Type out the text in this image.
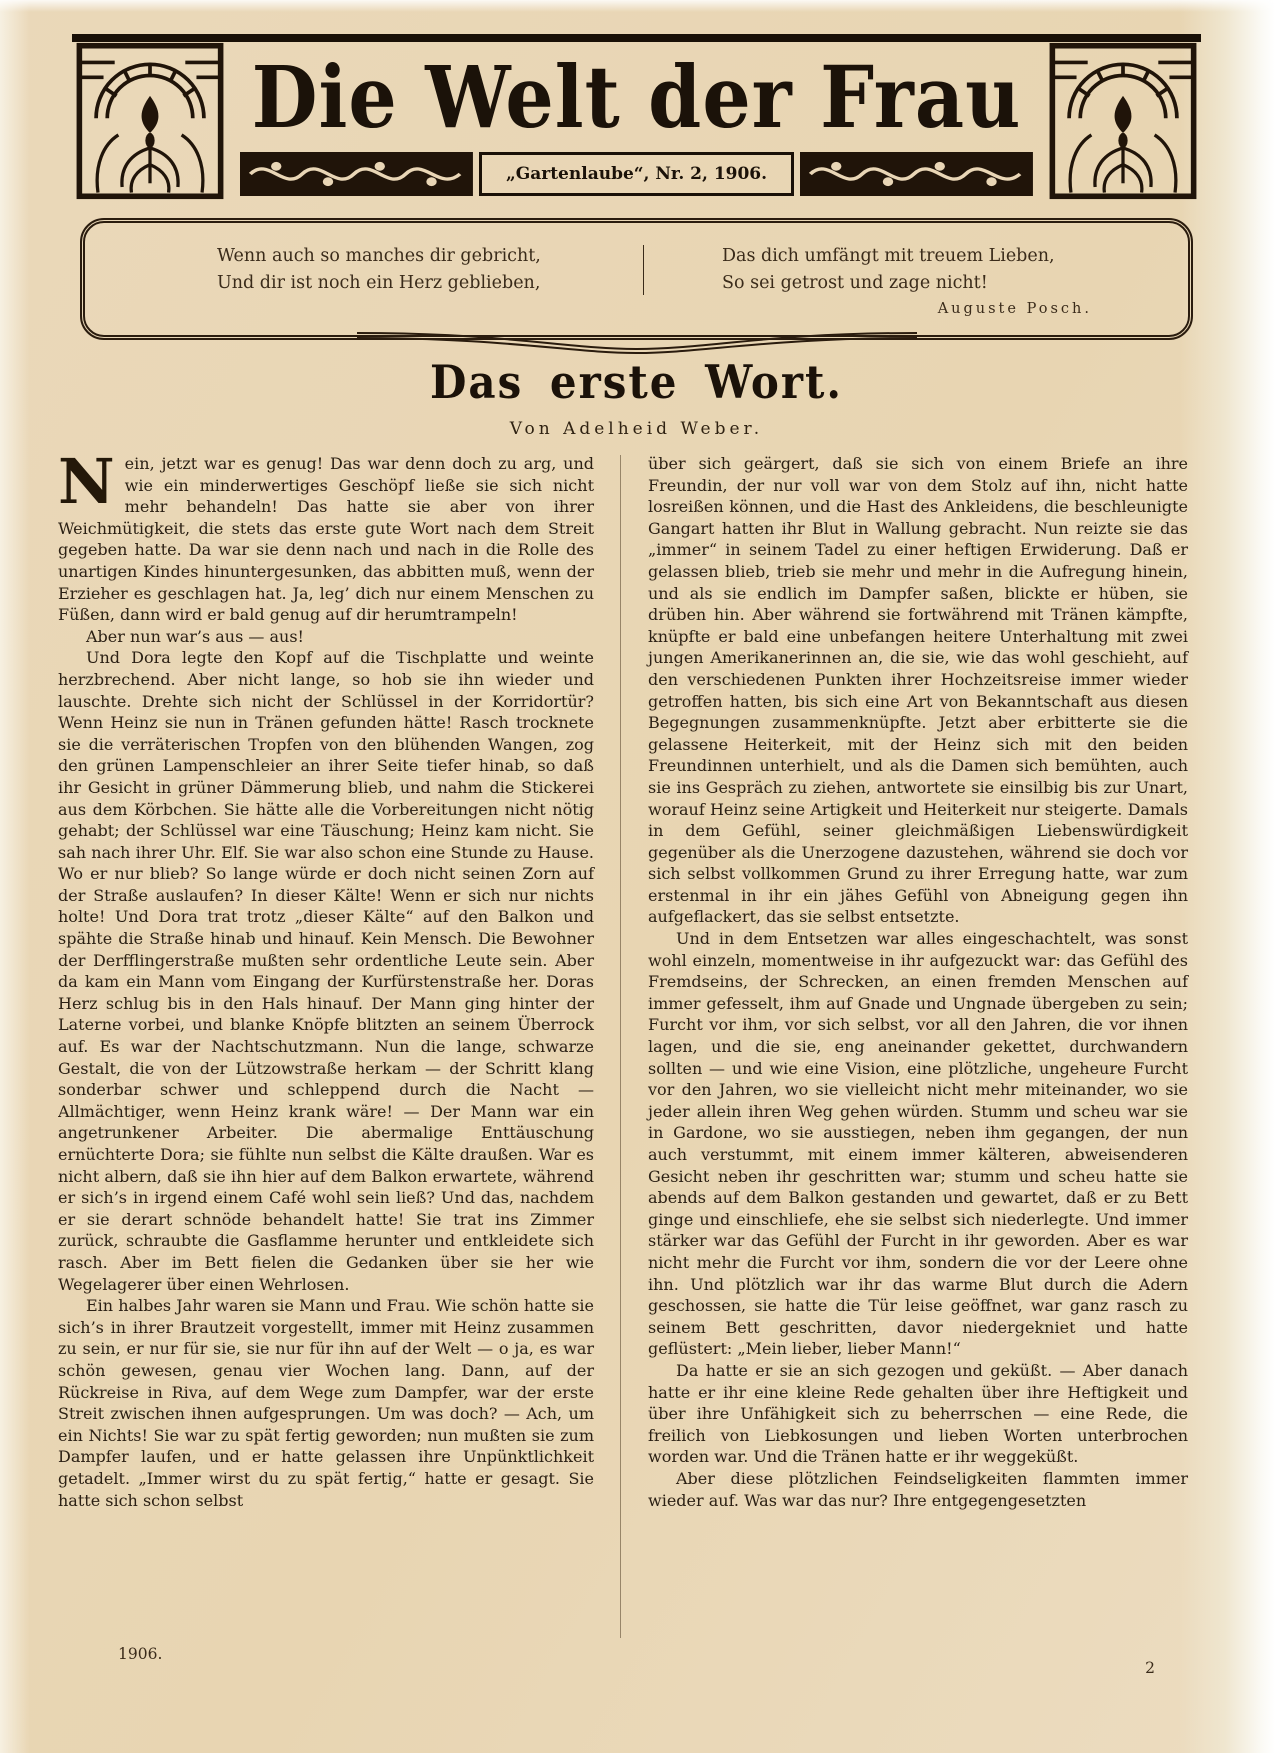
Die Welt der Frau
„Gartenlaube“, Nr. 2, 1906.
Wenn auch so manches dir gebricht,
Und dir ist noch ein Herz geblieben,
Das dich umfängt mit treuem Lieben,
So sei getrost und zage nicht!
Auguste Posch.
Das erste Wort.
Von Adelheid Weber.

Nein, jetzt war es genug! Das war denn doch zu arg, und wie ein minderwertiges Geschöpf ließe sie sich nicht mehr behandeln! Das hatte sie aber von ihrer Weichmütigkeit, die stets das erste gute Wort nach dem Streit gegeben hatte. Da war sie denn nach und nach in die Rolle des unartigen Kindes hinuntergesunken, das abbitten muß, wenn der Erzieher es geschlagen hat. Ja, leg’ dich nur einem Menschen zu Füßen, dann wird er bald genug auf dir herumtrampeln!

Aber nun war’s aus — aus!

Und Dora legte den Kopf auf die Tischplatte und weinte herzbrechend. Aber nicht lange, so hob sie ihn wieder und lauschte. Drehte sich nicht der Schlüssel in der Korridortür? Wenn Heinz sie nun in Tränen gefunden hätte! Rasch trocknete sie die verräterischen Tropfen von den blühenden Wangen, zog den grünen Lampenschleier an ihrer Seite tiefer hinab, so daß ihr Gesicht in grüner Dämmerung blieb, und nahm die Stickerei aus dem Körbchen. Sie hätte alle die Vorbereitungen nicht nötig gehabt; der Schlüssel war eine Täuschung; Heinz kam nicht. Sie sah nach ihrer Uhr. Elf. Sie war also schon eine Stunde zu Hause. Wo er nur blieb? So lange würde er doch nicht seinen Zorn auf der Straße auslaufen? In dieser Kälte! Wenn er sich nur nichts holte! Und Dora trat trotz „dieser Kälte“ auf den Balkon und spähte die Straße hinab und hinauf. Kein Mensch. Die Bewohner der Derfflingerstraße mußten sehr ordentliche Leute sein. Aber da kam ein Mann vom Eingang der Kurfürstenstraße her. Doras Herz schlug bis in den Hals hinauf. Der Mann ging hinter der Laterne vorbei, und blanke Knöpfe blitzten an seinem Überrock auf. Es war der Nachtschutzmann. Nun die lange, schwarze Gestalt, die von der Lützowstraße herkam — der Schritt klang sonderbar schwer und schleppend durch die Nacht — Allmächtiger, wenn Heinz krank wäre! — Der Mann war ein angetrunkener Arbeiter. Die abermalige Enttäuschung ernüchterte Dora; sie fühlte nun selbst die Kälte draußen. War es nicht albern, daß sie ihn hier auf dem Balkon erwartete, während er sich’s in irgend einem Café wohl sein ließ? Und das, nachdem er sie derart schnöde behandelt hatte! Sie trat ins Zimmer zurück, schraubte die Gasflamme herunter und entkleidete sich rasch. Aber im Bett fielen die Gedanken über sie her wie Wegelagerer über einen Wehrlosen.

Ein halbes Jahr waren sie Mann und Frau. Wie schön hatte sie sich’s in ihrer Brautzeit vorgestellt, immer mit Heinz zusammen zu sein, er nur für sie, sie nur für ihn auf der Welt — o ja, es war schön gewesen, genau vier Wochen lang. Dann, auf der Rückreise in Riva, auf dem Wege zum Dampfer, war der erste Streit zwischen ihnen aufgesprungen. Um was doch? — Ach, um ein Nichts! Sie war zu spät fertig geworden; nun mußten sie zum Dampfer laufen, und er hatte gelassen ihre Unpünktlichkeit getadelt. „Immer wirst du zu spät fertig,“ hatte er gesagt. Sie hatte sich schon selbst

über sich geärgert, daß sie sich von einem Briefe an ihre Freundin, der nur voll war von dem Stolz auf ihn, nicht hatte losreißen können, und die Hast des Ankleidens, die beschleunigte Gangart hatten ihr Blut in Wallung gebracht. Nun reizte sie das „immer“ in seinem Tadel zu einer heftigen Erwiderung. Daß er gelassen blieb, trieb sie mehr und mehr in die Aufregung hinein, und als sie endlich im Dampfer saßen, blickte er hüben, sie drüben hin. Aber während sie fortwährend mit Tränen kämpfte, knüpfte er bald eine unbefangen heitere Unterhaltung mit zwei jungen Amerikanerinnen an, die sie, wie das wohl geschieht, auf den verschiedenen Punkten ihrer Hochzeitsreise immer wieder getroffen hatten, bis sich eine Art von Bekanntschaft aus diesen Begegnungen zusammenknüpfte. Jetzt aber erbitterte sie die gelassene Heiterkeit, mit der Heinz sich mit den beiden Freundinnen unterhielt, und als die Damen sich bemühten, auch sie ins Gespräch zu ziehen, antwortete sie einsilbig bis zur Unart, worauf Heinz seine Artigkeit und Heiterkeit nur steigerte. Damals in dem Gefühl, seiner gleichmäßigen Liebenswürdigkeit gegenüber als die Unerzogene dazustehen, während sie doch vor sich selbst vollkommen Grund zu ihrer Erregung hatte, war zum erstenmal in ihr ein jähes Gefühl von Abneigung gegen ihn aufgeflackert, das sie selbst entsetzte.

Und in dem Entsetzen war alles eingeschachtelt, was sonst wohl einzeln, momentweise in ihr aufgezuckt war: das Gefühl des Fremdseins, der Schrecken, an einen fremden Menschen auf immer gefesselt, ihm auf Gnade und Ungnade übergeben zu sein; Furcht vor ihm, vor sich selbst, vor all den Jahren, die vor ihnen lagen, und die sie, eng aneinander gekettet, durchwandern sollten — und wie eine Vision, eine plötzliche, ungeheure Furcht vor den Jahren, wo sie vielleicht nicht mehr miteinander, wo sie jeder allein ihren Weg gehen würden. Stumm und scheu war sie in Gardone, wo sie ausstiegen, neben ihm gegangen, der nun auch verstummt, mit einem immer kälteren, abweisenderen Gesicht neben ihr geschritten war; stumm und scheu hatte sie abends auf dem Balkon gestanden und gewartet, daß er zu Bett ginge und einschliefe, ehe sie selbst sich niederlegte. Und immer stärker war das Gefühl der Furcht in ihr geworden. Aber es war nicht mehr die Furcht vor ihm, sondern die vor der Leere ohne ihn. Und plötzlich war ihr das warme Blut durch die Adern geschossen, sie hatte die Tür leise geöffnet, war ganz rasch zu seinem Bett geschritten, davor niedergekniet und hatte geflüstert: „Mein lieber, lieber Mann!“

Da hatte er sie an sich gezogen und geküßt. — Aber danach hatte er ihr eine kleine Rede gehalten über ihre Heftigkeit und über ihre Unfähigkeit sich zu beherrschen — eine Rede, die freilich von Liebkosungen und lieben Worten unterbrochen worden war. Und die Tränen hatte er ihr weggeküßt.

Aber diese plötzlichen Feindseligkeiten flammten immer wieder auf. Was war das nur? Ihre entgegengesetzten

1906.
2
